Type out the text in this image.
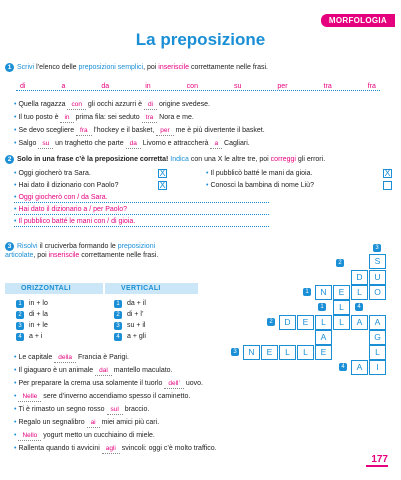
MORFOLOGIA
La preposizione
1 Scrivi l’elenco delle preposizioni semplici, poi inseriscile correttamente nelle frasi.
di	a	da	in	con	su	per	tra	fra
• Quella ragazza con gli occhi azzurri è di origine svedese.
• Il tuo posto è in prima fila: sei seduto tra Nora e me.
• Se devo scegliere fra l’hockey e il basket, per me è più divertente il basket.
• Salgo su un traghetto che parte da Livorno e attraccherà a Cagliari.
2 Solo in una frase c’è la preposizione corretta! Indica con una X le altre tre, poi correggi gli errori.
• Oggi giocherò tra Sara.	X
• Hai dato il dizionario con Paolo?	X
• Il pubblicò batté le mani da gioia.	X
• Conosci la bambina di nome Liù?
• Oggi giocherò con / da Sara.
• Hai dato il dizionario a / per Paolo?
• Il pubblico batté le mani con / di gioia.
3 Risolvi il cruciverba formando le preposizioni articolate, poi inseriscile correttamente nelle frasi.
ORIZZONTALI	VERTICALI
1 in + lo
2 di + la
3 in + le
4 a + i
1 da + il
2 di + l’
3 su + il
4 a + gli
3
2	S
D	U
1	N	E	L	O
1	L	4
2	D	E	L	L	A	A
A	G
3	N	E	L	L	E	L
4	A	I
• Le capitale della Francia è Parigi.
• Il giaguaro è un animale dal mantello maculato.
• Per preparare la crema usa solamente il tuorlo dell’ uovo.
• Nelle sere d’inverno accendiamo spesso il caminetto.
• Ti è rimasto un segno rosso sul braccio.
• Regalo un segnalibro ai miei amici più cari.
• Nello yogurt metto un cucchiaino di miele.
• Rallenta quando ti avvicini agli svincoli: oggi c’è molto traffico.
177
